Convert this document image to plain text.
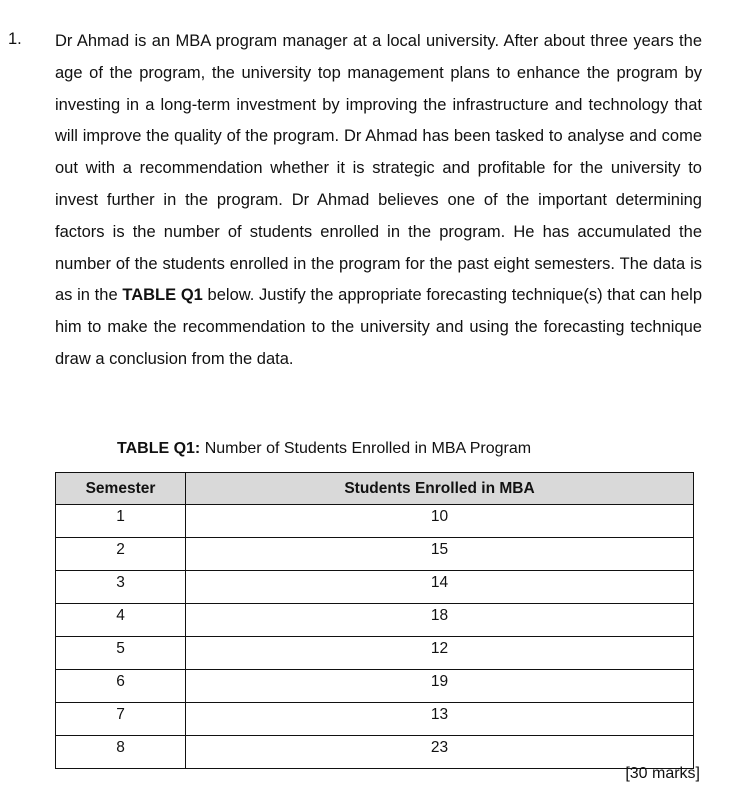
1. Dr Ahmad is an MBA program manager at a local university. After about three years the age of the program, the university top management plans to enhance the program by investing in a long-term investment by improving the infrastructure and technology that will improve the quality of the program. Dr Ahmad has been tasked to analyse and come out with a recommendation whether it is strategic and profitable for the university to invest further in the program. Dr Ahmad believes one of the important determining factors is the number of students enrolled in the program. He has accumulated the number of the students enrolled in the program for the past eight semesters. The data is as in the TABLE Q1 below. Justify the appropriate forecasting technique(s) that can help him to make the recommendation to the university and using the forecasting technique draw a conclusion from the data.
TABLE Q1: Number of Students Enrolled in MBA Program
Semester	Students Enrolled in MBA
1	10
2	15
3	14
4	18
5	12
6	19
7	13
8	23
[30 marks]
